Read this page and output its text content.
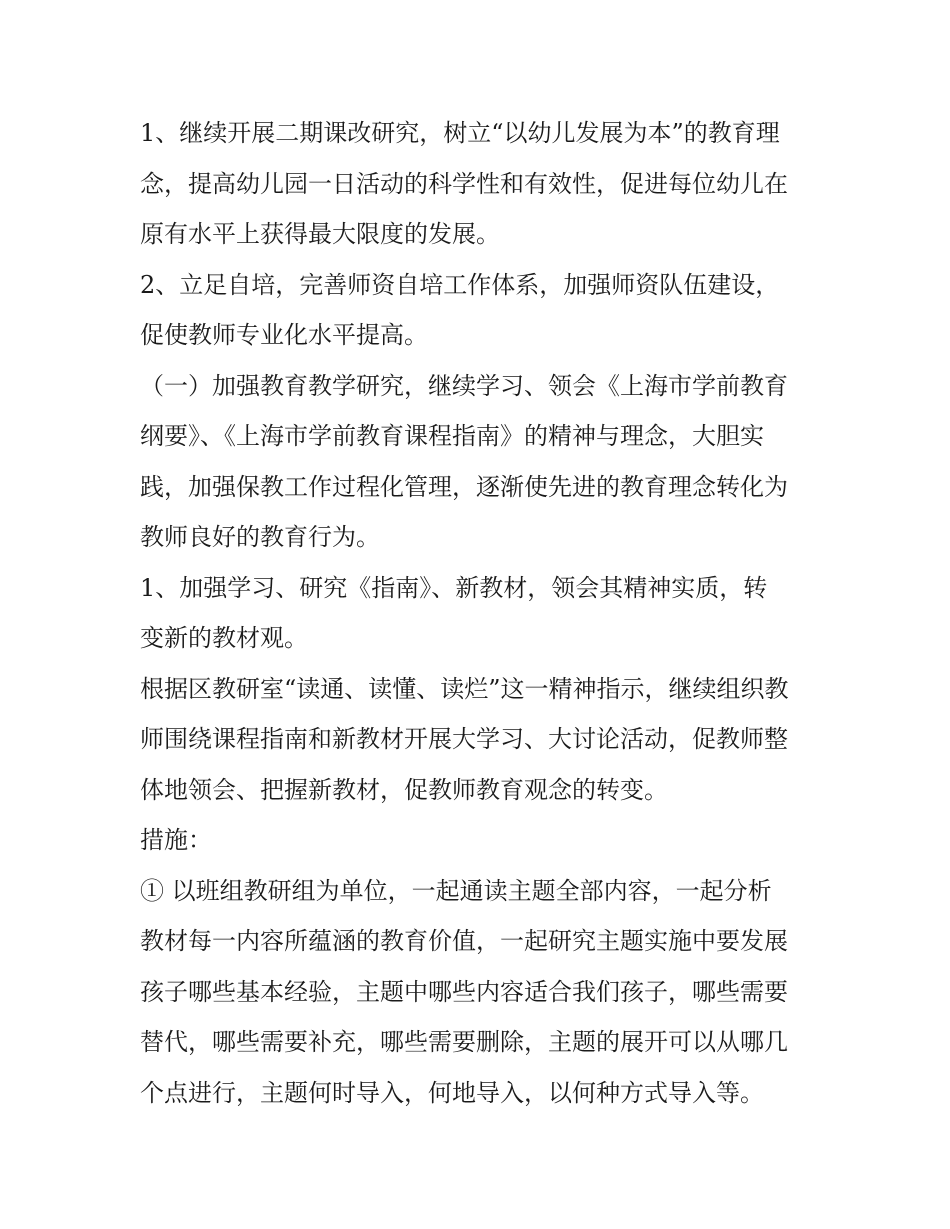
1、继续开展二期课改研究，树立“以幼儿发展为本”的教育理
念，提高幼儿园一日活动的科学性和有效性，促进每位幼儿在
原有水平上获得最大限度的发展。
2、立足自培，完善师资自培工作体系，加强师资队伍建设，
促使教师专业化水平提高。
（一）加强教育教学研究，继续学习、领会《上海市学前教育
纲要》、《上海市学前教育课程指南》的精神与理念，大胆实
践，加强保教工作过程化管理，逐渐使先进的教育理念转化为
教师良好的教育行为。
1、加强学习、研究《指南》、新教材，领会其精神实质，转
变新的教材观。
根据区教研室“读通、读懂、读烂”这一精神指示，继续组织教
师围绕课程指南和新教材开展大学习、大讨论活动，促教师整
体地领会、把握新教材，促教师教育观念的转变。
措施：
① 以班组教研组为单位，一起通读主题全部内容，一起分析
教材每一内容所蕴涵的教育价值，一起研究主题实施中要发展
孩子哪些基本经验，主题中哪些内容适合我们孩子，哪些需要
替代，哪些需要补充，哪些需要删除，主题的展开可以从哪几
个点进行，主题何时导入，何地导入，以何种方式导入等。
